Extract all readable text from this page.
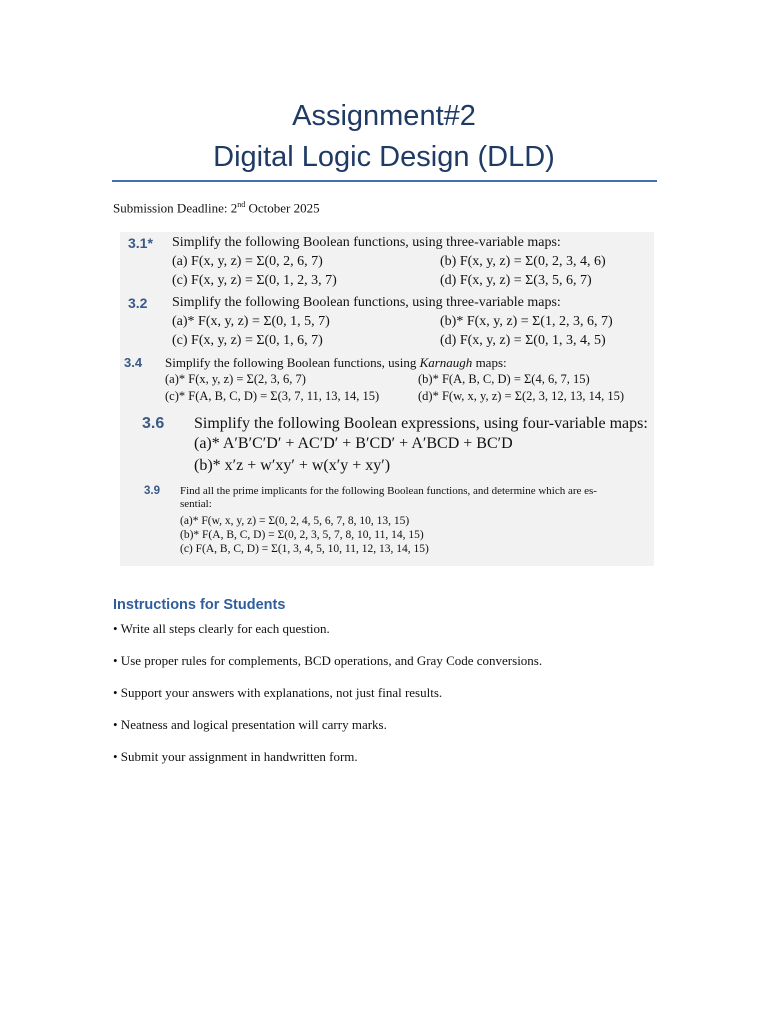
Assignment#2

Digital Logic Design (DLD)

Submission Deadline: 2nd October 2025
3.1* Simplify the following Boolean functions, using three-variable maps:
(a) F(x, y, z) = Σ(0, 2, 6, 7)	(b) F(x, y, z) = Σ(0, 2, 3, 4, 6)
(c) F(x, y, z) = Σ(0, 1, 2, 3, 7)	(d) F(x, y, z) = Σ(3, 5, 6, 7)
3.2 Simplify the following Boolean functions, using three-variable maps:
(a)* F(x, y, z) = Σ(0, 1, 5, 7)	(b)* F(x, y, z) = Σ(1, 2, 3, 6, 7)
(c) F(x, y, z) = Σ(0, 1, 6, 7)	(d) F(x, y, z) = Σ(0, 1, 3, 4, 5)
3.4 Simplify the following Boolean functions, using Karnaugh maps:
(a)* F(x, y, z) = Σ(2, 3, 6, 7)	(b)* F(A, B, C, D) = Σ(4, 6, 7, 15)
(c)* F(A, B, C, D) = Σ(3, 7, 11, 13, 14, 15)	(d)* F(w, x, y, z) = Σ(2, 3, 12, 13, 14, 15)
3.6 Simplify the following Boolean expressions, using four-variable maps:
(a)* A′B′C′D′ + AC′D′ + B′CD′ + A′BCD + BC′D
(b)* x′z + w′xy′ + w(x′y + xy′)
3.9 Find all the prime implicants for the following Boolean functions, and determine which are es-
sential:
(a)* F(w, x, y, z) = Σ(0, 2, 4, 5, 6, 7, 8, 10, 13, 15)
(b)* F(A, B, C, D) = Σ(0, 2, 3, 5, 7, 8, 10, 11, 14, 15)
(c) F(A, B, C, D) = Σ(1, 3, 4, 5, 10, 11, 12, 13, 14, 15)
Instructions for Students
• Write all steps clearly for each question.
• Use proper rules for complements, BCD operations, and Gray Code conversions.
• Support your answers with explanations, not just final results.
• Neatness and logical presentation will carry marks.
• Submit your assignment in handwritten form.
